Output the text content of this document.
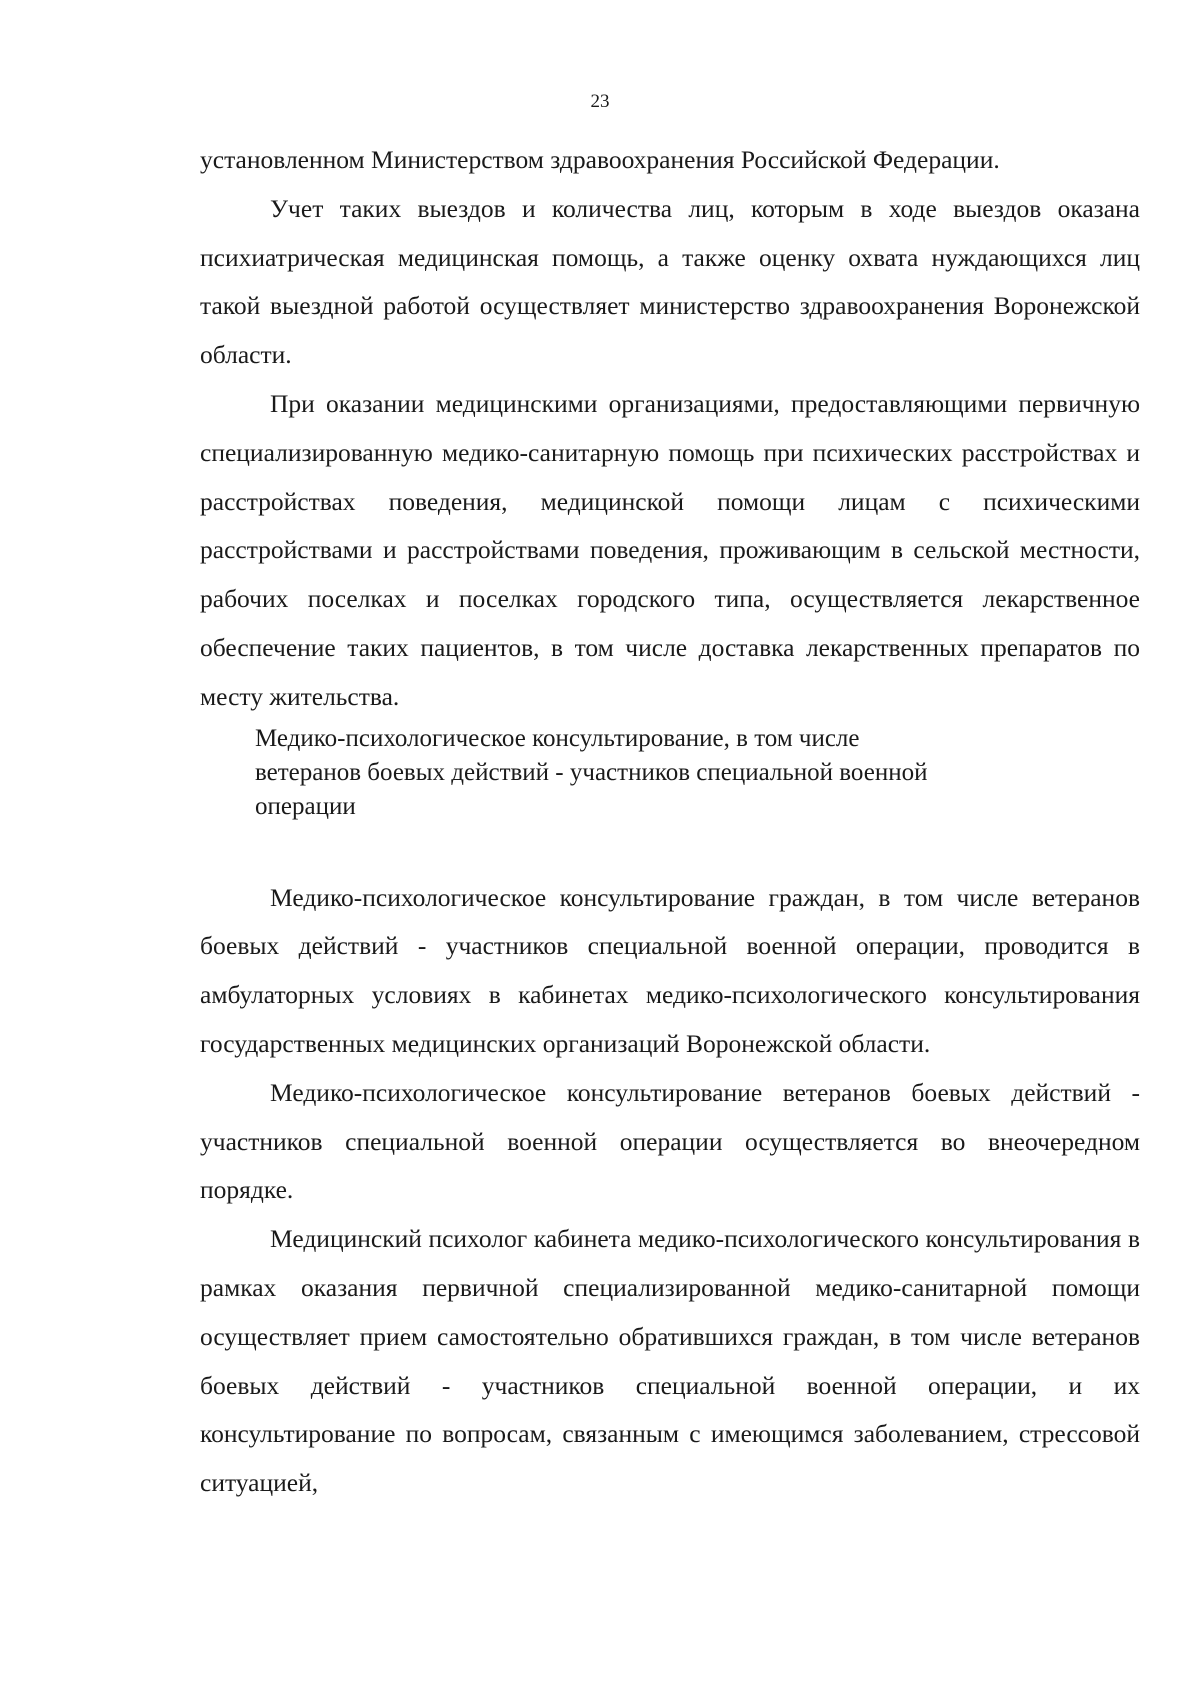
23

установленном Министерством здравоохранения Российской Федерации.

Учет таких выездов и количества лиц, которым в ходе выездов оказана психиатрическая медицинская помощь, а также оценку охвата нуждающихся лиц такой выездной работой осуществляет министерство здравоохранения Воронежской области.

При оказании медицинскими организациями, предоставляющими первичную специализированную медико-санитарную помощь при психических расстройствах и расстройствах поведения, медицинской помощи лицам с психическими расстройствами и расстройствами поведения, проживающим в сельской местности, рабочих поселках и поселках городского типа, осуществляется лекарственное обеспечение таких пациентов, в том числе доставка лекарственных препаратов по месту жительства.

Медико-психологическое консультирование, в том числе

ветеранов боевых действий - участников специальной военной

операции

Медико-психологическое консультирование граждан, в том числе ветеранов боевых действий - участников специальной военной операции, проводится в амбулаторных условиях в кабинетах медико-психологического консультирования государственных медицинских организаций Воронежской области.

Медико-психологическое консультирование ветеранов боевых действий - участников специальной военной операции осуществляется во внеочередном порядке.

Медицинский психолог кабинета медико-психологического консультирования в рамках оказания первичной специализированной медико-санитарной помощи осуществляет прием самостоятельно обратившихся граждан, в том числе ветеранов боевых действий - участников специальной военной операции, и их консультирование по вопросам, связанным с имеющимся заболеванием, стрессовой ситуацией,
